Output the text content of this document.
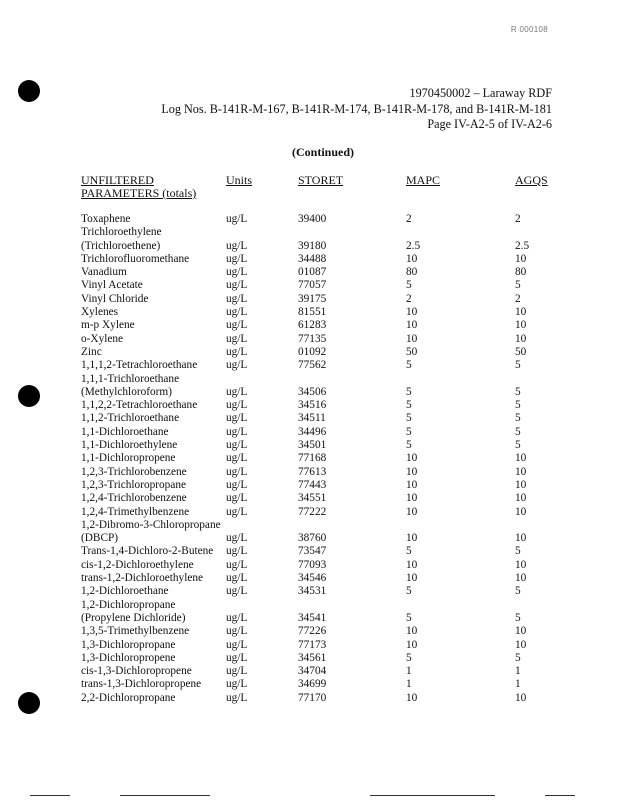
R 000108
1970450002 – Laraway RDF
Log Nos. B-141R-M-167, B-141R-M-174, B-141R-M-178, and B-141R-M-181
Page IV-A2-5 of IV-A2-6
(Continued)
UNFILTERED
PARAMETERS (totals)
Units	STORET	MAPC	AGQS
Toxaphene	ug/L	39400	2	2
Trichloroethylene
(Trichloroethene)	ug/L	39180	2.5	2.5
Trichlorofluoromethane	ug/L	34488	10	10
Vanadium	ug/L	01087	80	80
Vinyl Acetate	ug/L	77057	5	5
Vinyl Chloride	ug/L	39175	2	2
Xylenes	ug/L	81551	10	10
m-p Xylene	ug/L	61283	10	10
o-Xylene	ug/L	77135	10	10
Zinc	ug/L	01092	50	50
1,1,1,2-Tetrachloroethane	ug/L	77562	5	5
1,1,1-Trichloroethane
(Methylchloroform)	ug/L	34506	5	5
1,1,2,2-Tetrachloroethane	ug/L	34516	5	5
1,1,2-Trichloroethane	ug/L	34511	5	5
1,1-Dichloroethane	ug/L	34496	5	5
1,1-Dichloroethylene	ug/L	34501	5	5
1,1-Dichloropropene	ug/L	77168	10	10
1,2,3-Trichlorobenzene	ug/L	77613	10	10
1,2,3-Trichloropropane	ug/L	77443	10	10
1,2,4-Trichlorobenzene	ug/L	34551	10	10
1,2,4-Trimethylbenzene	ug/L	77222	10	10
1,2-Dibromo-3-Chloropropane
(DBCP)	ug/L	38760	10	10
Trans-1,4-Dichloro-2-Butene ug/L	73547	5	5
cis-1,2-Dichloroethylene	ug/L	77093	10	10
trans-1,2-Dichloroethylene ug/L	34546	10	10
1,2-Dichloroethane	ug/L	34531	5	5
1,2-Dichloropropane
(Propylene Dichloride)	ug/L	34541	5	5
1,3,5-Trimethylbenzene	ug/L	77226	10	10
1,3-Dichloropropane	ug/L	77173	10	10
1,3-Dichloropropene	ug/L	34561	5	5
cis-1,3-Dichloropropene	ug/L	34704	1	1
trans-1,3-Dichloropropene ug/L	34699	1	1
2,2-Dichloropropane	ug/L	77170	10	10
